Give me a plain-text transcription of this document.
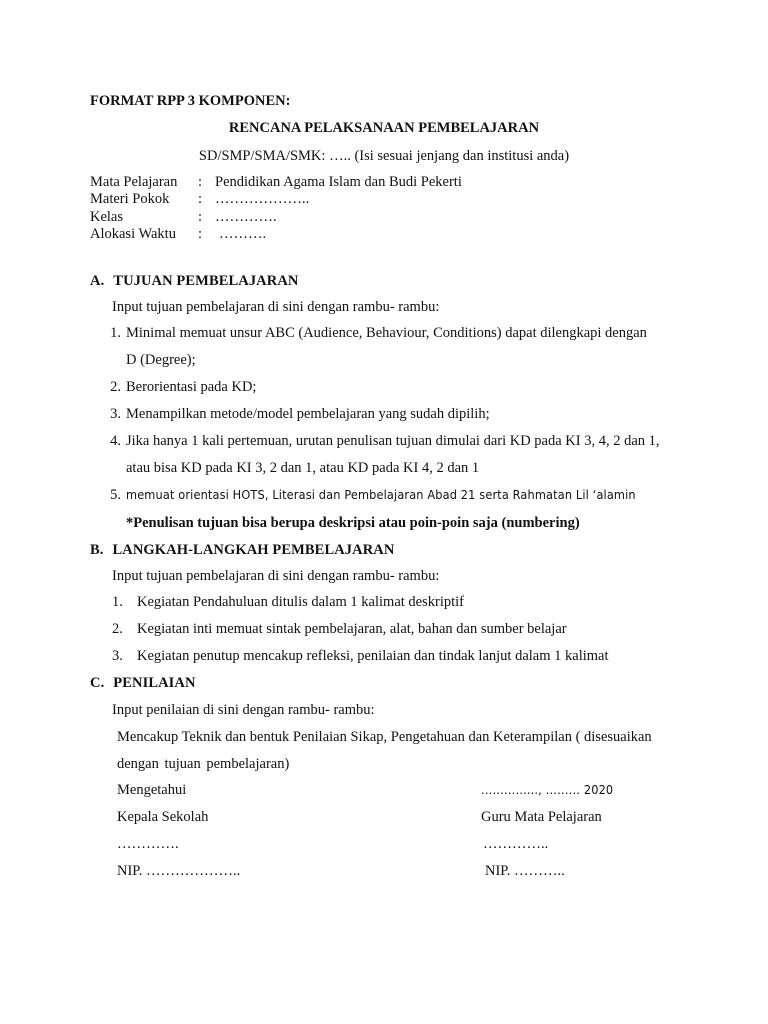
FORMAT RPP 3 KOMPONEN:
RENCANA PELAKSANAAN PEMBELAJARAN
SD/SMP/SMA/SMK: ….. (Isi sesuai jenjang dan institusi anda)
Mata Pelajaran : Pendidikan Agama Islam dan Budi Pekerti
Materi Pokok : ………………..
Kelas	: ………….
Alokasi Waktu : ……….
A. TUJUAN PEMBELAJARAN
Input tujuan pembelajaran di sini dengan rambu- rambu:
1. Minimal memuat unsur ABC (Audience, Behaviour, Conditions) dapat dilengkapi dengan
D (Degree);
2. Berorientasi pada KD;
3. Menampilkan metode/model pembelajaran yang sudah dipilih;
4. Jika hanya 1 kali pertemuan, urutan penulisan tujuan dimulai dari KD pada KI 3, 4, 2 dan 1,
atau bisa KD pada KI 3, 2 dan 1, atau KD pada KI 4, 2 dan 1
5. memuat orientasi HOTS, Literasi dan Pembelajaran Abad 21 serta Rahmatan Lil ‘alamin
*Penulisan tujuan bisa berupa deskripsi atau poin-poin saja (numbering)
B. LANGKAH-LANGKAH PEMBELAJARAN
Input tujuan pembelajaran di sini dengan rambu- rambu:
1. Kegiatan Pendahuluan ditulis dalam 1 kalimat deskriptif
2. Kegiatan inti memuat sintak pembelajaran, alat, bahan dan sumber belajar
3. Kegiatan penutup mencakup refleksi, penilaian dan tindak lanjut dalam 1 kalimat
C. PENILAIAN
Input penilaian di sini dengan rambu- rambu:
Mencakup Teknik dan bentuk Penilaian Sikap, Pengetahuan dan Keterampilan ( disesuaikan
dengan tujuan pembelajaran)
Mengetahui	…………..., ……… 2020
Kepala Sekolah	Guru Mata Pelajaran
………….	…………..
NIP. ………………..	NIP. ………..
